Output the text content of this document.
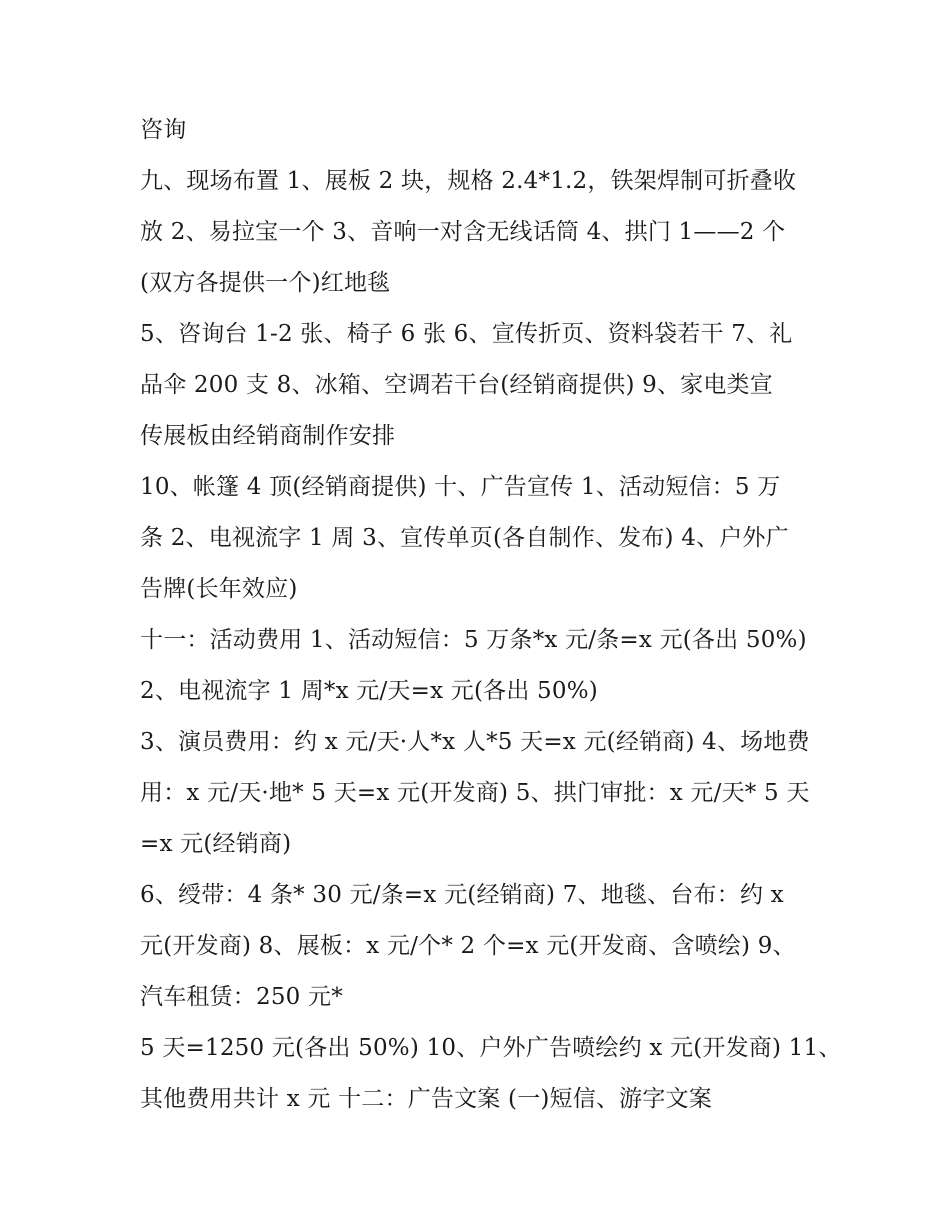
咨询
九、现场布置 1、展板 2 块，规格 2.4*1.2，铁架焊制可折叠收
放 2、易拉宝一个 3、音响一对含无线话筒 4、拱门 1——2 个
(双方各提供一个)红地毯
5、咨询台 1-2 张、椅子 6 张 6、宣传折页、资料袋若干 7、礼
品伞 200 支 8、冰箱、空调若干台(经销商提供) 9、家电类宣
传展板由经销商制作安排
10、帐篷 4 顶(经销商提供) 十、广告宣传 1、活动短信：5 万
条 2、电视流字 1 周 3、宣传单页(各自制作、发布) 4、户外广
告牌(长年效应)
十一：活动费用 1、活动短信：5 万条*x 元/条=x 元(各出 50%)
2、电视流字 1 周*x 元/天=x 元(各出 50%)
3、演员费用：约 x 元/天·人*x 人*5 天=x 元(经销商) 4、场地费
用：x 元/天·地* 5 天=x 元(开发商) 5、拱门审批：x 元/天* 5 天
=x 元(经销商)
6、绶带：4 条* 30 元/条=x 元(经销商) 7、地毯、台布：约 x
元(开发商) 8、展板：x 元/个* 2 个=x 元(开发商、含喷绘) 9、
汽车租赁：250 元*
5 天=1250 元(各出 50%) 10、户外广告喷绘约 x 元(开发商) 11、
其他费用共计 x 元 十二：广告文案 (一)短信、游字文案
